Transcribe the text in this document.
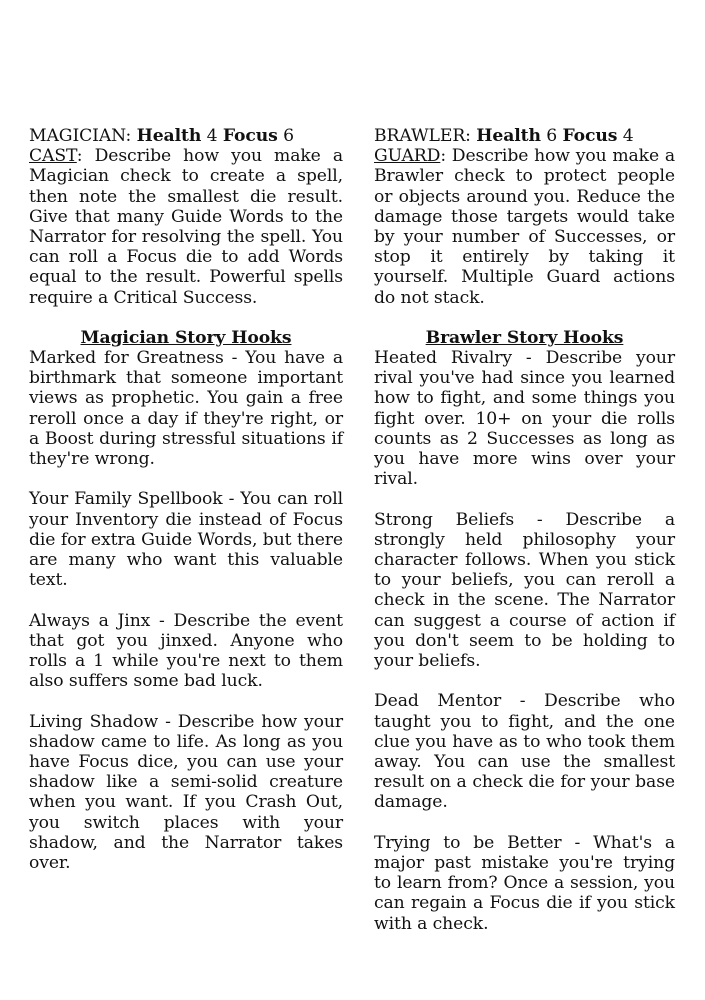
MAGICIAN: Health 4 Focus 6

CAST: Describe how you make a Magician check to create a spell, then note the smallest die result. Give that many Guide Words to the Narrator for resolving the spell. You can roll a Focus die to add Words equal to the result. Powerful spells require a Critical Success.

Magician Story Hooks

Marked for Greatness - You have a birthmark that someone important views as prophetic. You gain a free reroll once a day if they're right, or a Boost during stressful situations if they're wrong.

Your Family Spellbook - You can roll your Inventory die instead of Focus die for extra Guide Words, but there are many who want this valuable text.

Always a Jinx - Describe the event that got you jinxed. Anyone who rolls a 1 while you're next to them also suffers some bad luck.

Living Shadow - Describe how your shadow came to life. As long as you have Focus dice, you can use your shadow like a semi-solid creature when you want. If you Crash Out, you switch places with your shadow, and the Narrator takes over.

BRAWLER: Health 6 Focus 4

GUARD: Describe how you make a Brawler check to protect people or objects around you. Reduce the damage those targets would take by your number of Successes, or stop it entirely by taking it yourself. Multiple Guard actions do not stack.

Brawler Story Hooks

Heated Rivalry - Describe your rival you've had since you learned how to fight, and some things you fight over. 10+ on your die rolls counts as 2 Successes as long as you have more wins over your rival.

Strong Beliefs - Describe a strongly held philosophy your character follows. When you stick to your beliefs, you can reroll a check in the scene. The Narrator can suggest a course of action if you don't seem to be holding to your beliefs.

Dead Mentor - Describe who taught you to fight, and the one clue you have as to who took them away. You can use the smallest result on a check die for your base damage.

Trying to be Better - What's a major past mistake you're trying to learn from? Once a session, you can regain a Focus die if you stick with a check.
